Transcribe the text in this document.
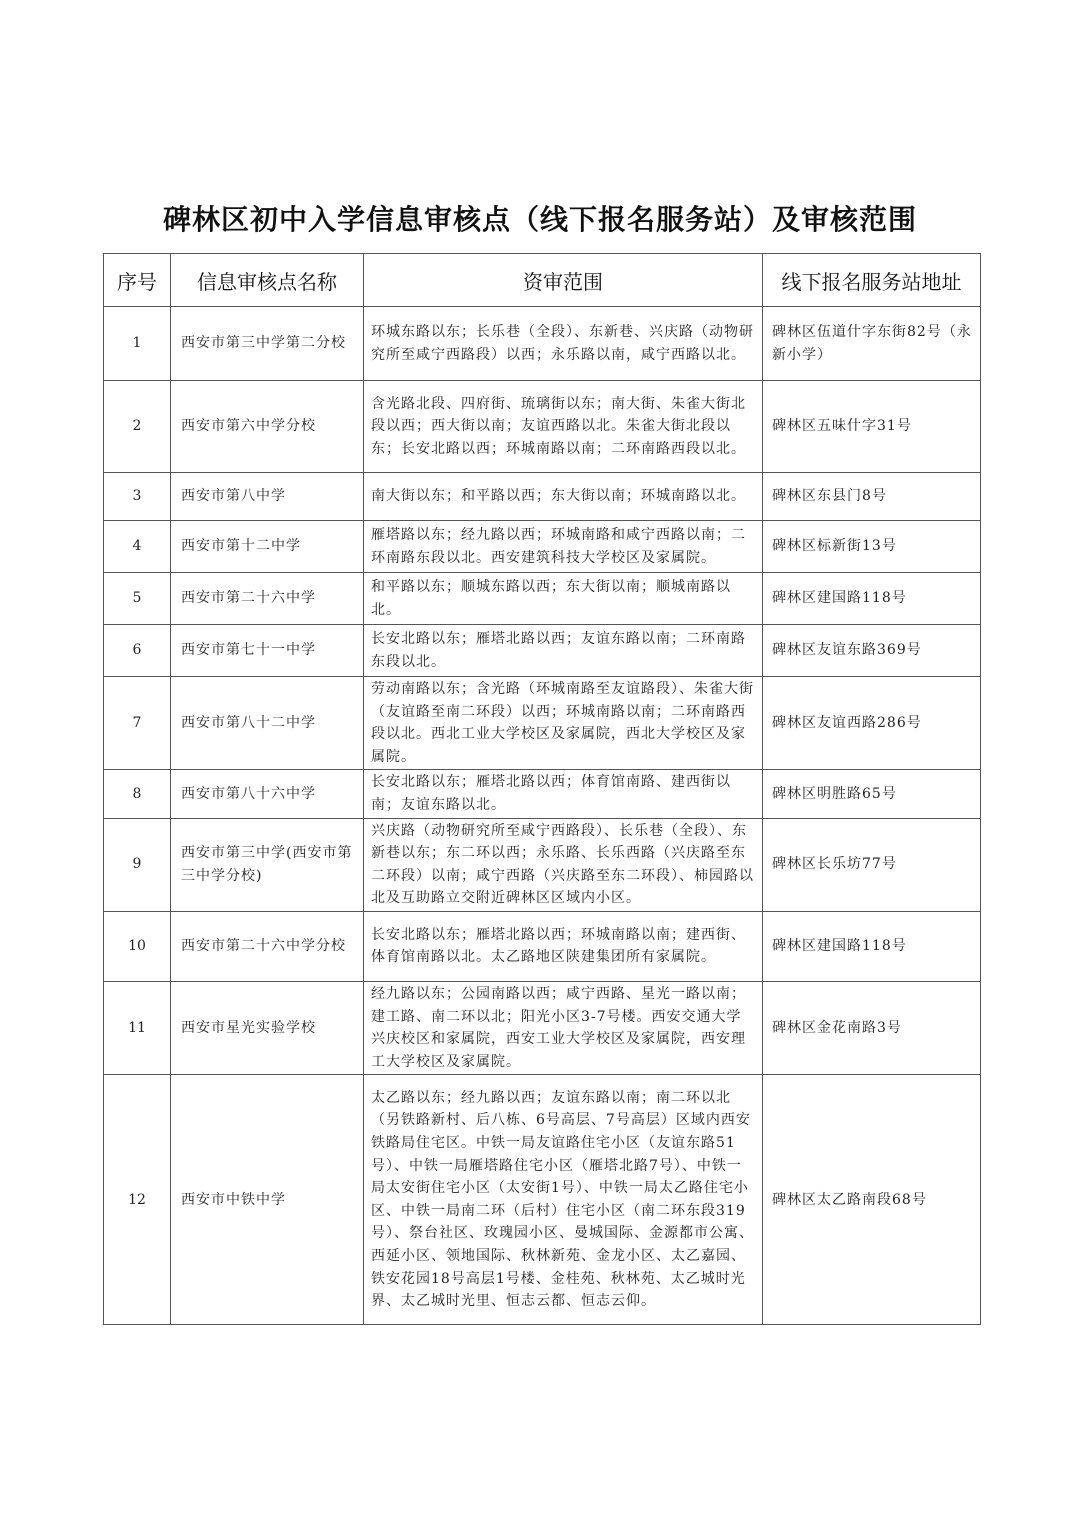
碑林区初中入学信息审核点（线下报名服务站）及审核范围
序号	信息审核点名称	资审范围	线下报名服务站地址
1	西安市第三中学第二分校	环城东路以东；长乐巷（全段）、东新巷、兴庆路（动物研究所至咸宁西路段）以西；永乐路以南，咸宁西路以北。	碑林区伍道什字东街82号（永新小学）
2	西安市第六中学分校	含光路北段、四府街、琉璃街以东；南大街、朱雀大街北段以西；西大街以南；友谊西路以北。朱雀大街北段以东；长安北路以西；环城南路以南；二环南路西段以北。	碑林区五味什字31号
3	西安市第八中学	南大街以东；和平路以西；东大街以南；环城南路以北。	碑林区东县门8号
4	西安市第十二中学	雁塔路以东；经九路以西；环城南路和咸宁西路以南；二环南路东段以北。西安建筑科技大学校区及家属院。	碑林区标新街13号
5	西安市第二十六中学	和平路以东；顺城东路以西；东大街以南；顺城南路以北。	碑林区建国路118号
6	西安市第七十一中学	长安北路以东；雁塔北路以西；友谊东路以南；二环南路东段以北。	碑林区友谊东路369号
7	西安市第八十二中学	劳动南路以东；含光路（环城南路至友谊路段）、朱雀大街（友谊路至南二环段）以西；环城南路以南；二环南路西段以北。西北工业大学校区及家属院，西北大学校区及家属院。	碑林区友谊西路286号
8	西安市第八十六中学	长安北路以东；雁塔北路以西；体育馆南路、建西街以南；友谊东路以北。	碑林区明胜路65号
9	西安市第三中学(西安市第三中学分校)	兴庆路（动物研究所至咸宁西路段）、长乐巷（全段）、东新巷以东；东二环以西；永乐路、长乐西路（兴庆路至东二环段）以南；咸宁西路（兴庆路至东二环段）、柿园路以北及互助路立交附近碑林区区域内小区。	碑林区长乐坊77号
10	西安市第二十六中学分校	长安北路以东；雁塔北路以西；环城南路以南；建西街、体育馆南路以北。太乙路地区陕建集团所有家属院。	碑林区建国路118号
11	西安市星光实验学校	经九路以东；公园南路以西；咸宁西路、星光一路以南；建工路、南二环以北；阳光小区3-7号楼。西安交通大学兴庆校区和家属院，西安工业大学校区及家属院，西安理工大学校区及家属院。	碑林区金花南路3号
12	西安市中铁中学	太乙路以东；经九路以西；友谊东路以南；南二环以北（另铁路新村、后八栋、6号高层、7号高层）区域内西安铁路局住宅区。中铁一局友谊路住宅小区（友谊东路51号）、中铁一局雁塔路住宅小区（雁塔北路7号）、中铁一局太安街住宅小区（太安街1号）、中铁一局太乙路住宅小区、中铁一局南二环（后村）住宅小区（南二环东段319号）、祭台社区、玫瑰园小区、曼城国际、金源都市公寓、西延小区、领地国际、秋林新苑、金龙小区、太乙嘉园、铁安花园18号高层1号楼、金桂苑、秋林苑、太乙城时光界、太乙城时光里、恒志云都、恒志云仰。	碑林区太乙路南段68号
